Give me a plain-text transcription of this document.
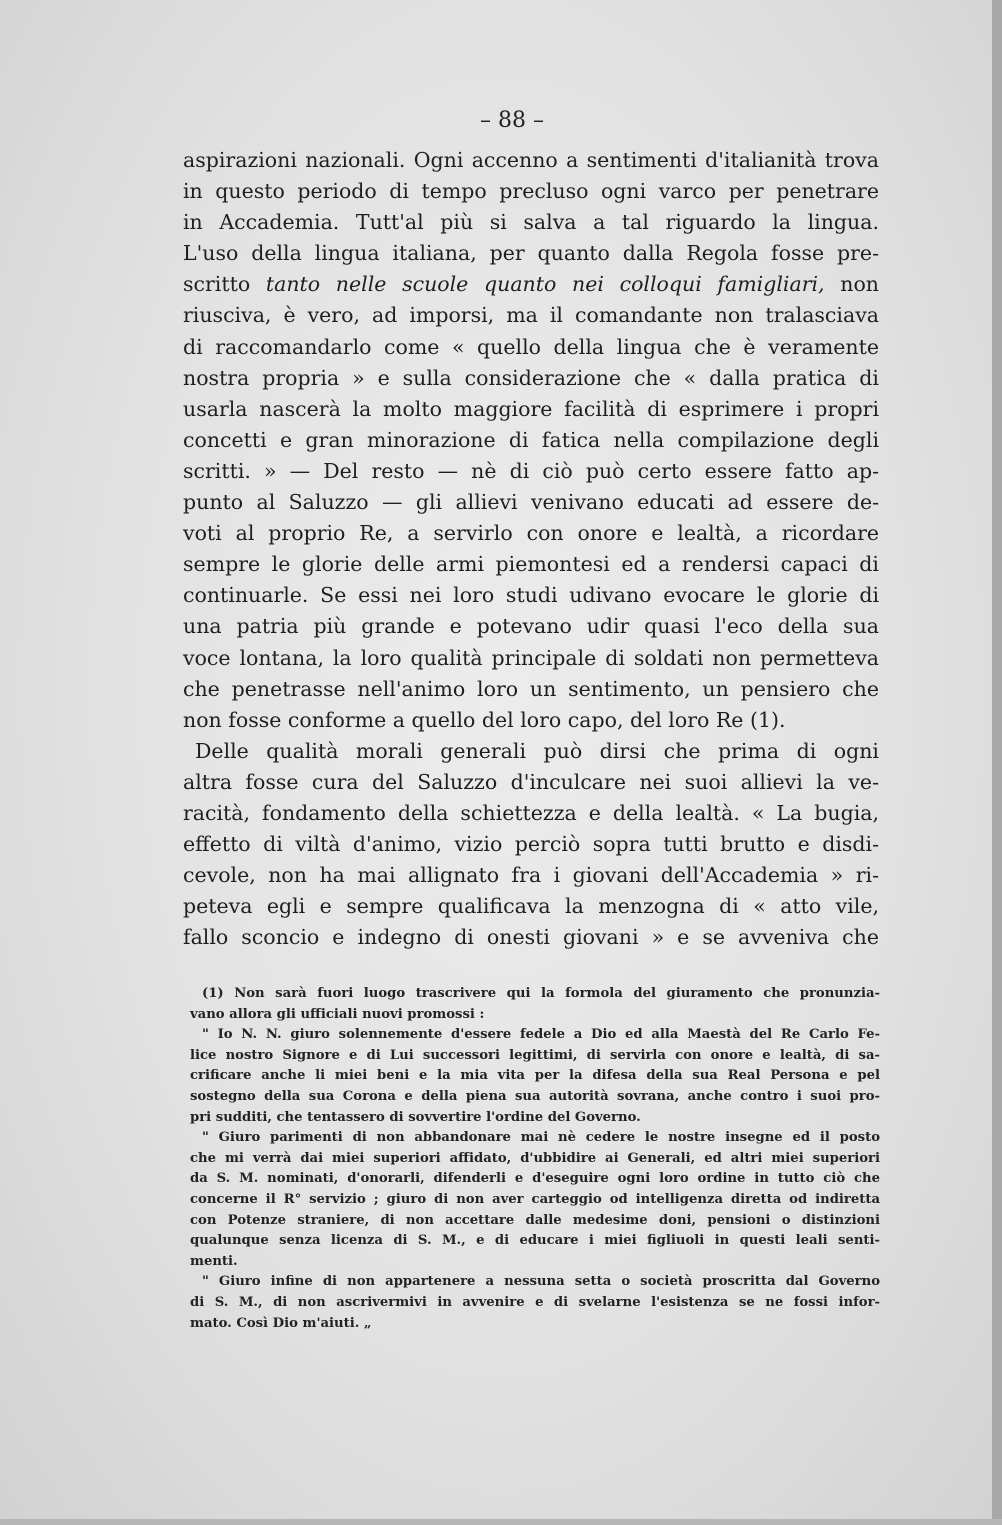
– 88 –
aspirazioni nazionali. Ogni accenno a sentimenti d'italianità trova
in questo periodo di tempo precluso ogni varco per penetrare
in Accademia. Tutt'al più si salva a tal riguardo la lingua.
L'uso della lingua italiana, per quanto dalla Regola fosse pre-
scritto tanto nelle scuole quanto nei colloqui famigliari, non
riusciva, è vero, ad imporsi, ma il comandante non tralasciava
di raccomandarlo come « quello della lingua che è veramente
nostra propria » e sulla considerazione che « dalla pratica di
usarla nascerà la molto maggiore facilità di esprimere i propri
concetti e gran minorazione di fatica nella compilazione degli
scritti. » — Del resto — nè di ciò può certo essere fatto ap-
punto al Saluzzo — gli allievi venivano educati ad essere de-
voti al proprio Re, a servirlo con onore e lealtà, a ricordare
sempre le glorie delle armi piemontesi ed a rendersi capaci di
continuarle. Se essi nei loro studi udivano evocare le glorie di
una patria più grande e potevano udir quasi l'eco della sua
voce lontana, la loro qualità principale di soldati non permetteva
che penetrasse nell'animo loro un sentimento, un pensiero che
non fosse conforme a quello del loro capo, del loro Re (1).
Delle qualità morali generali può dirsi che prima di ogni
altra fosse cura del Saluzzo d'inculcare nei suoi allievi la ve-
racità, fondamento della schiettezza e della lealtà. « La bugia,
effetto di viltà d'animo, vizio perciò sopra tutti brutto e disdi-
cevole, non ha mai allignato fra i giovani dell'Accademia » ri-
peteva egli e sempre qualificava la menzogna di « atto vile,
fallo sconcio e indegno di onesti giovani » e se avveniva che
(1) Non sarà fuori luogo trascrivere qui la formola del giuramento che pronunzia-
vano allora gli ufficiali nuovi promossi :
" Io N. N. giuro solennemente d'essere fedele a Dio ed alla Maestà del Re Carlo Fe-
lice nostro Signore e di Lui successori legittimi, di servirla con onore e lealtà, di sa-
crificare anche li miei beni e la mia vita per la difesa della sua Real Persona e pel
sostegno della sua Corona e della piena sua autorità sovrana, anche contro i suoi pro-
pri sudditi, che tentassero di sovvertire l'ordine del Governo.
" Giuro parimenti di non abbandonare mai nè cedere le nostre insegne ed il posto
che mi verrà dai miei superiori affidato, d'ubbidire ai Generali, ed altri miei superiori
da S. M. nominati, d'onorarli, difenderli e d'eseguire ogni loro ordine in tutto ciò che
concerne il R° servizio ; giuro di non aver carteggio od intelligenza diretta od indiretta
con Potenze straniere, di non accettare dalle medesime doni, pensioni o distinzioni
qualunque senza licenza di S. M., e di educare i miei figliuoli in questi leali senti-
menti.
" Giuro infine di non appartenere a nessuna setta o società proscritta dal Governo
di S. M., di non ascrivermivi in avvenire e di svelarne l'esistenza se ne fossi infor-
mato. Così Dio m'aiuti. „
